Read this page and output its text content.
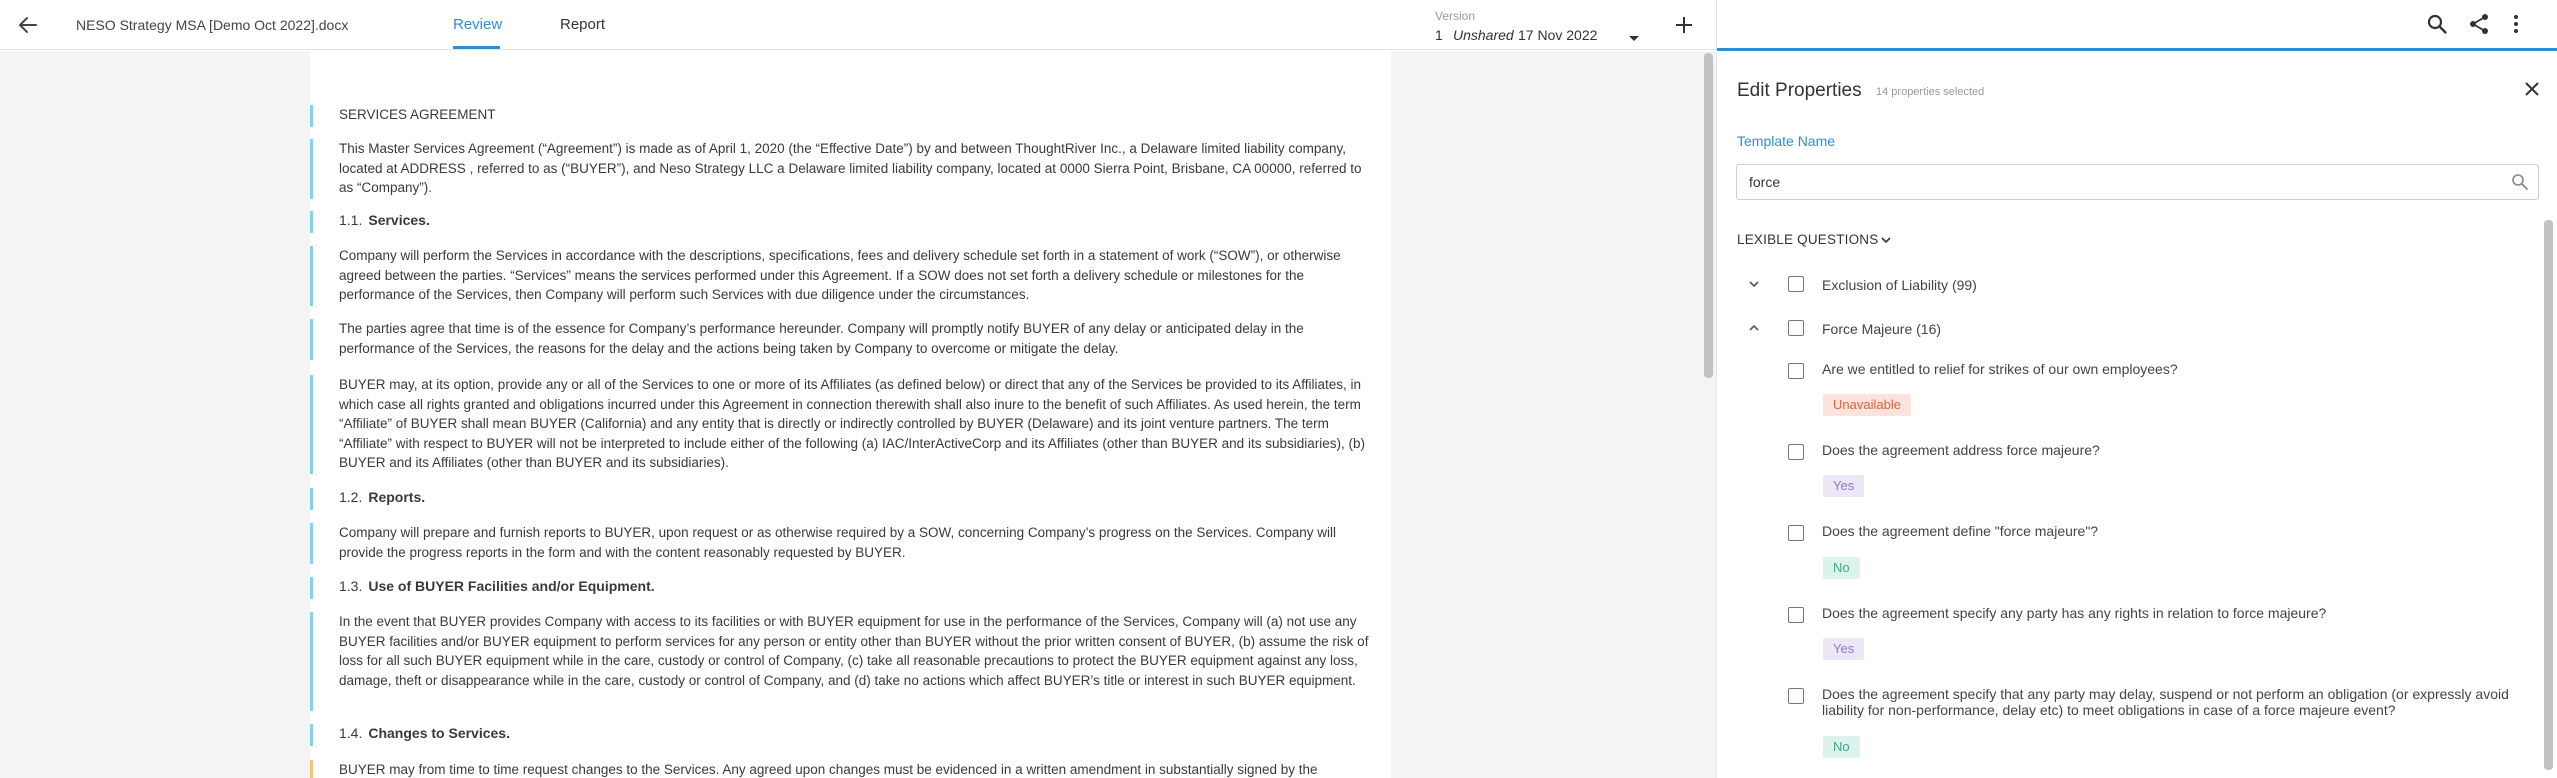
NESO Strategy MSA [Demo Oct 2022].docx	Review	Report	Version
1 Unshared 17 Nov 2022
SERVICES AGREEMENT
This Master Services Agreement (“Agreement”) is made as of April 1, 2020 (the “Effective Date”) by and between ThoughtRiver Inc., a Delaware limited liability company, located at ADDRESS , referred to as (“BUYER”), and Neso Strategy LLC a Delaware limited liability company, located at 0000 Sierra Point, Brisbane, CA 00000, referred to as “Company”).
1.1. Services.
Company will perform the Services in accordance with the descriptions, specifications, fees and delivery schedule set forth in a statement of work (“SOW”), or otherwise agreed between the parties. “Services” means the services performed under this Agreement. If a SOW does not set forth a delivery schedule or milestones for the performance of the Services, then Company will perform such Services with due diligence under the circumstances.
The parties agree that time is of the essence for Company’s performance hereunder. Company will promptly notify BUYER of any delay or anticipated delay in the performance of the Services, the reasons for the delay and the actions being taken by Company to overcome or mitigate the delay.
BUYER may, at its option, provide any or all of the Services to one or more of its Affiliates (as defined below) or direct that any of the Services be provided to its Affiliates, in which case all rights granted and obligations incurred under this Agreement in connection therewith shall also inure to the benefit of such Affiliates. As used herein, the term “Affiliate” of BUYER shall mean BUYER (California) and any entity that is directly or indirectly controlled by BUYER (Delaware) and its joint venture partners. The term “Affiliate” with respect to BUYER will not be interpreted to include either of the following (a) IAC/InterActiveCorp and its Affiliates (other than BUYER and its subsidiaries), (b) BUYER and its Affiliates (other than BUYER and its subsidiaries).
1.2. Reports.
Company will prepare and furnish reports to BUYER, upon request or as otherwise required by a SOW, concerning Company’s progress on the Services. Company will provide the progress reports in the form and with the content reasonably requested by BUYER.
1.3. Use of BUYER Facilities and/or Equipment.
In the event that BUYER provides Company with access to its facilities or with BUYER equipment for use in the performance of the Services, Company will (a) not use any BUYER facilities and/or BUYER equipment to perform services for any person or entity other than BUYER without the prior written consent of BUYER, (b) assume the risk of loss for all such BUYER equipment while in the care, custody or control of Company, (c) take all reasonable precautions to protect the BUYER equipment against any loss, damage, theft or disappearance while in the care, custody or control of Company, and (d) take no actions which affect BUYER’s title or interest in such BUYER equipment.
1.4. Changes to Services.
BUYER may from time to time request changes to the Services. Any agreed upon changes must be evidenced in a written amendment in substantially signed by the
Edit Properties 14 properties selected
Template Name
force
LEXIBLE QUESTIONS
Exclusion of Liability (99)
Force Majeure (16)
Are we entitled to relief for strikes of our own employees?
Unavailable
Does the agreement address force majeure?
Yes
Does the agreement define "force majeure"?
No
Does the agreement specify any party has any rights in relation to force majeure?
Yes
Does the agreement specify that any party may delay, suspend or not perform an obligation (or expressly avoid liability for non-performance, delay etc) to meet obligations in case of a force majeure event?
No
